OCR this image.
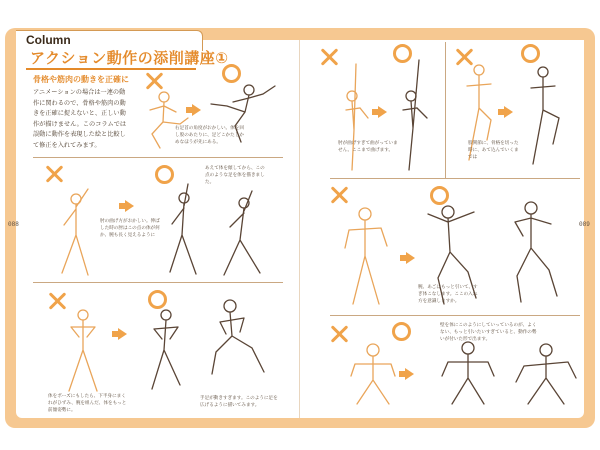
Column
アクション動作の添削講座①
骨格や筋肉の動きを正確に
アニメーションの場合は一連の動作に関わるので、骨格や筋肉の動きを正確に捉えないと、正しい動作が描けません。このコラムでは誤動に動作を表現した絵と比較して修正を入れてみます。
088	089
右足首の角度がおかしい。体を回し股のあたりに、足どこかたしかめなほうが先にある。
肘の曲げ方がおかしい。伸ばした時の肘はこの点の体が何か、腕も長く見えるように
あえて体を傾してから、この点のような足を体を描きました。
体をポーズにもしたら、下半身にまくれがひずみ、腕を組んだ、体をもっと前傾姿勢に。
手足が動きすぎます。このように足を広げるように描いてみます。
肘が曲げすぎて曲がっていません。ここまで曲げます。
股関節に、骨格を切った時に、あて込んでいくまでは
腕、あごはもっと引いて、すぎ体こなします。ここの入れ方を意識しますか。
壁を体にこのようにしていっているのが、よくない、もっと引いたいすぎていると、動作の勢いが付いた形で出ます。
